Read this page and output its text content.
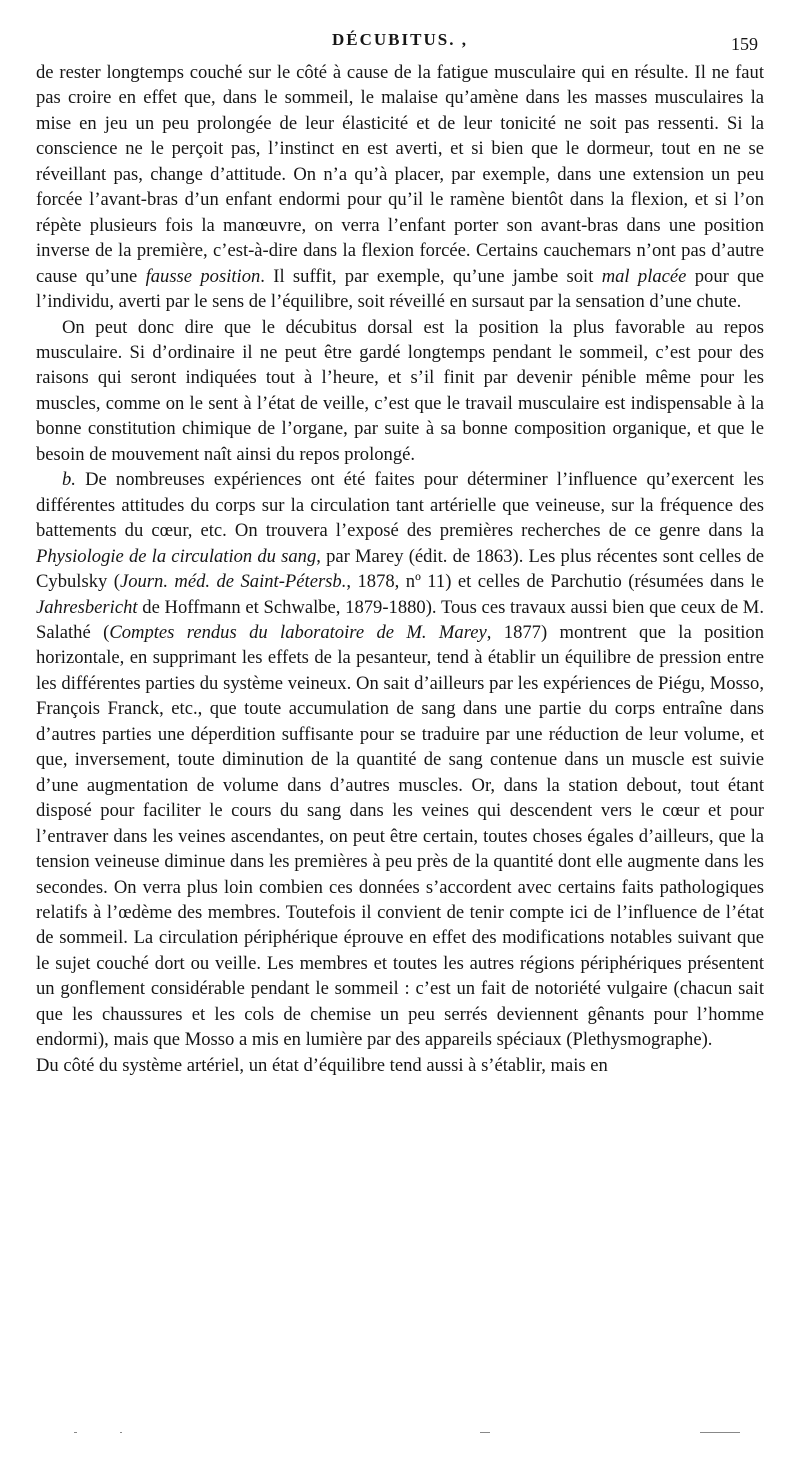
DÉCUBITUS. ,	159

de rester longtemps couché sur le côté à cause de la fatigue musculaire qui en résulte. Il ne faut pas croire en effet que, dans le sommeil, le malaise qu’amène dans les masses musculaires la mise en jeu un peu prolongée de leur élasticité et de leur tonicité ne soit pas ressenti. Si la conscience ne le perçoit pas, l’instinct en est averti, et si bien que le dormeur, tout en ne se réveillant pas, change d’attitude. On n’a qu’à placer, par exemple, dans une extension un peu forcée l’avant-bras d’un enfant endormi pour qu’il le ramène bientôt dans la flexion, et si l’on répète plusieurs fois la manœuvre, on verra l’enfant porter son avant-bras dans une position inverse de la première, c’est-à-dire dans la flexion forcée. Certains cauchemars n’ont pas d’autre cause qu’une fausse position. Il suffit, par exemple, qu’une jambe soit mal placée pour que l’individu, averti par le sens de l’équilibre, soit réveillé en sursaut par la sensation d’une chute.

On peut donc dire que le décubitus dorsal est la position la plus favorable au repos musculaire. Si d’ordinaire il ne peut être gardé longtemps pendant le sommeil, c’est pour des raisons qui seront indiquées tout à l’heure, et s’il finit par devenir pénible même pour les muscles, comme on le sent à l’état de veille, c’est que le travail musculaire est indispensable à la bonne constitution chimique de l’organe, par suite à sa bonne composition organique, et que le besoin de mouvement naît ainsi du repos prolongé.

b. De nombreuses expériences ont été faites pour déterminer l’influence qu’exercent les différentes attitudes du corps sur la circulation tant artérielle que veineuse, sur la fréquence des battements du cœur, etc. On trouvera l’exposé des premières recherches de ce genre dans la Physiologie de la circulation du sang, par Marey (édit. de 1863). Les plus récentes sont celles de Cybulsky (Journ. méd. de Saint-Pétersb., 1878, nº 11) et celles de Parchutio (résumées dans le Jahresbericht de Hoffmann et Schwalbe, 1879-1880). Tous ces travaux aussi bien que ceux de M. Salathé (Comptes rendus du laboratoire de M. Marey, 1877) montrent que la position horizontale, en supprimant les effets de la pesanteur, tend à établir un équilibre de pression entre les différentes parties du système veineux. On sait d’ailleurs par les expériences de Piégu, Mosso, François Franck, etc., que toute accumulation de sang dans une partie du corps entraîne dans d’autres parties une déperdition suffisante pour se traduire par une réduction de leur volume, et que, inversement, toute diminution de la quantité de sang contenue dans un muscle est suivie d’une augmentation de volume dans d’autres muscles. Or, dans la station debout, tout étant disposé pour faciliter le cours du sang dans les veines qui descendent vers le cœur et pour l’entraver dans les veines ascendantes, on peut être certain, toutes choses égales d’ailleurs, que la tension veineuse diminue dans les premières à peu près de la quantité dont elle augmente dans les secondes. On verra plus loin combien ces données s’accordent avec certains faits pathologiques relatifs à l’œdème des membres. Toutefois il convient de tenir compte ici de l’influence de l’état de sommeil. La circulation périphérique éprouve en effet des modifications notables suivant que le sujet couché dort ou veille. Les membres et toutes les autres régions périphériques présentent un gonflement considérable pendant le sommeil : c’est un fait de notoriété vulgaire (chacun sait que les chaussures et les cols de chemise un peu serrés deviennent gênants pour l’homme endormi), mais que Mosso a mis en lumière par des appareils spéciaux (Plethysmographe).

Du côté du système artériel, un état d’équilibre tend aussi à s’établir, mais en
